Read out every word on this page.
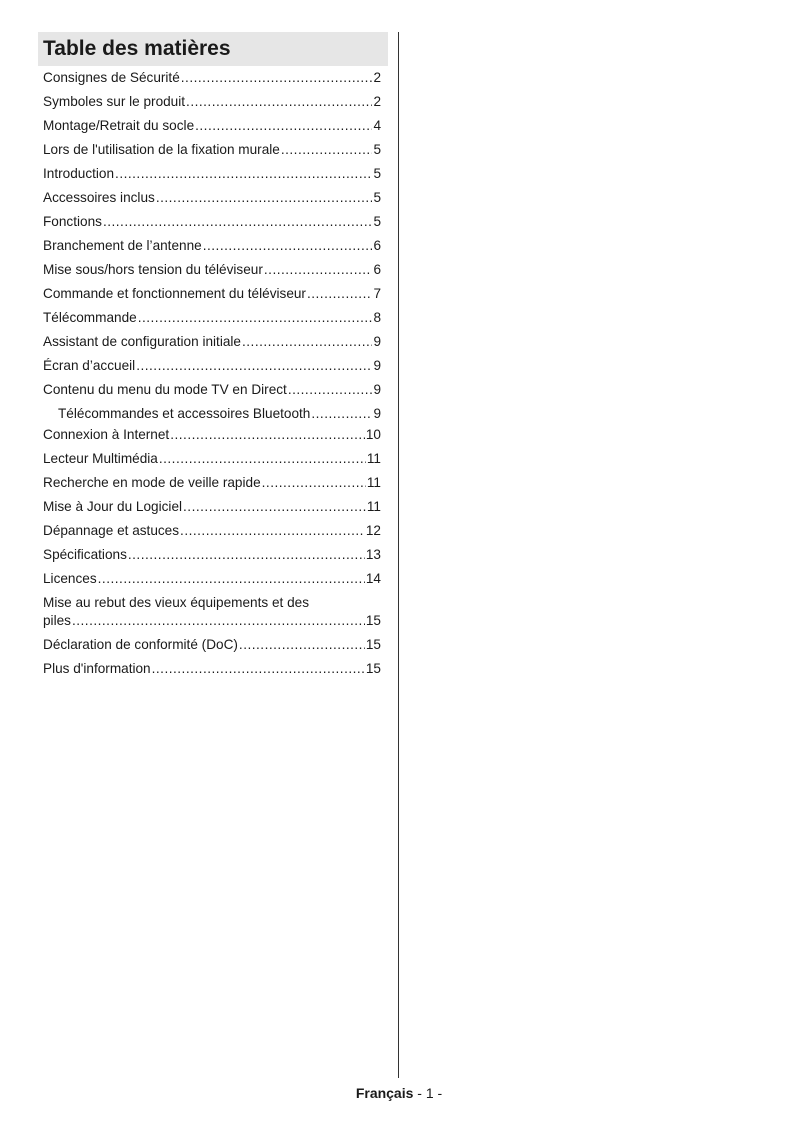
Table des matières
Consignes de Sécurité .....	2
Symboles sur le produit .....	2
Montage/Retrait du socle .....	4
Lors de l'utilisation de la fixation murale .....	5
Introduction .....	5
Accessoires inclus .....	5
Fonctions .....	5
Branchement de l’antenne .....	6
Mise sous/hors tension du téléviseur .....	6
Commande et fonctionnement du téléviseur .....	7
Télécommande .....	8
Assistant de configuration initiale .....	9
Écran d’accueil .....	9
Contenu du menu du mode TV en Direct .....	9
Télécommandes et accessoires Bluetooth .....	9
Connexion à Internet .....	10
Lecteur Multimédia .....	11
Recherche en mode de veille rapide .....	11
Mise à Jour du Logiciel .....	11
Dépannage et astuces .....	12
Spécifications .....	13
Licences .....	14
Mise au rebut des vieux équipements et des
piles .....	15
Déclaration de conformité (DoC) .....	15
Plus d'information .....	15
Français - 1 -
